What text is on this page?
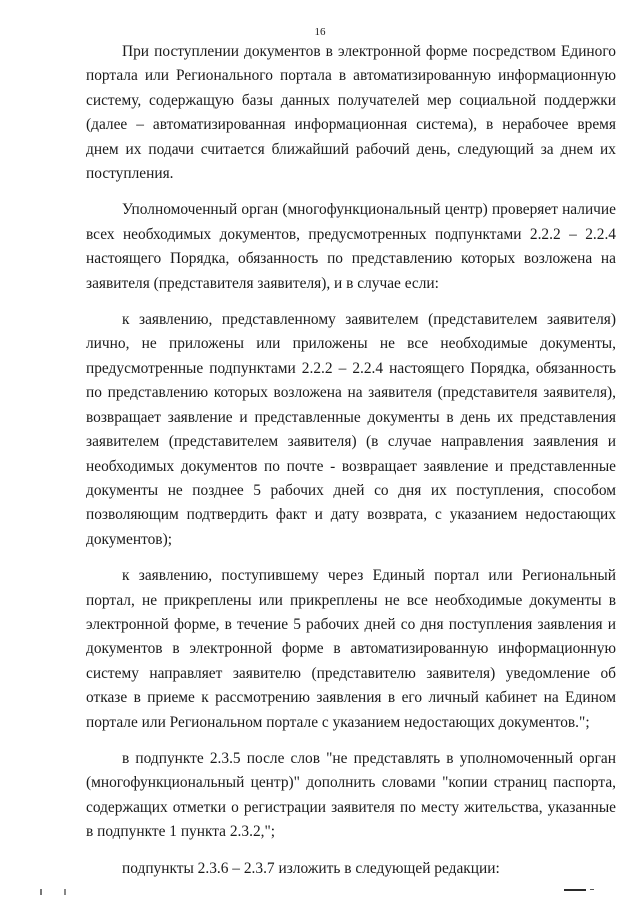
16

При поступлении документов в электронной форме посредством Единого портала или Регионального портала в автоматизированную информационную систему, содержащую базы данных получателей мер социальной поддержки (далее – автоматизированная информационная система), в нерабочее время днем их подачи считается ближайший рабочий день, следующий за днем их поступления.

Уполномоченный орган (многофункциональный центр) проверяет наличие всех необходимых документов, предусмотренных подпунктами 2.2.2 – 2.2.4 настоящего Порядка, обязанность по представлению которых возложена на заявителя (представителя заявителя), и в случае если:

к заявлению, представленному заявителем (представителем заявителя) лично, не приложены или приложены не все необходимые документы, предусмотренные подпунктами 2.2.2 – 2.2.4 настоящего Порядка, обязанность по представлению которых возложена на заявителя (представителя заявителя), возвращает заявление и представленные документы в день их представления заявителем (представителем заявителя) (в случае направления заявления и необходимых документов по почте - возвращает заявление и представленные документы не позднее 5 рабочих дней со дня их поступления, способом позволяющим подтвердить факт и дату возврата, с указанием недостающих документов);

к заявлению, поступившему через Единый портал или Региональный портал, не прикреплены или прикреплены не все необходимые документы в электронной форме, в течение 5 рабочих дней со дня поступления заявления и документов в электронной форме в автоматизированную информационную систему направляет заявителю (представителю заявителя) уведомление об отказе в приеме к рассмотрению заявления в его личный кабинет на Едином портале или Региональном портале с указанием недостающих документов.";

в подпункте 2.3.5 после слов "не представлять в уполномоченный орган (многофункциональный центр)" дополнить словами "копии страниц паспорта, содержащих отметки о регистрации заявителя по месту жительства, указанные в подпункте 1 пункта 2.3.2,";

подпункты 2.3.6 – 2.3.7 изложить в следующей редакции:
